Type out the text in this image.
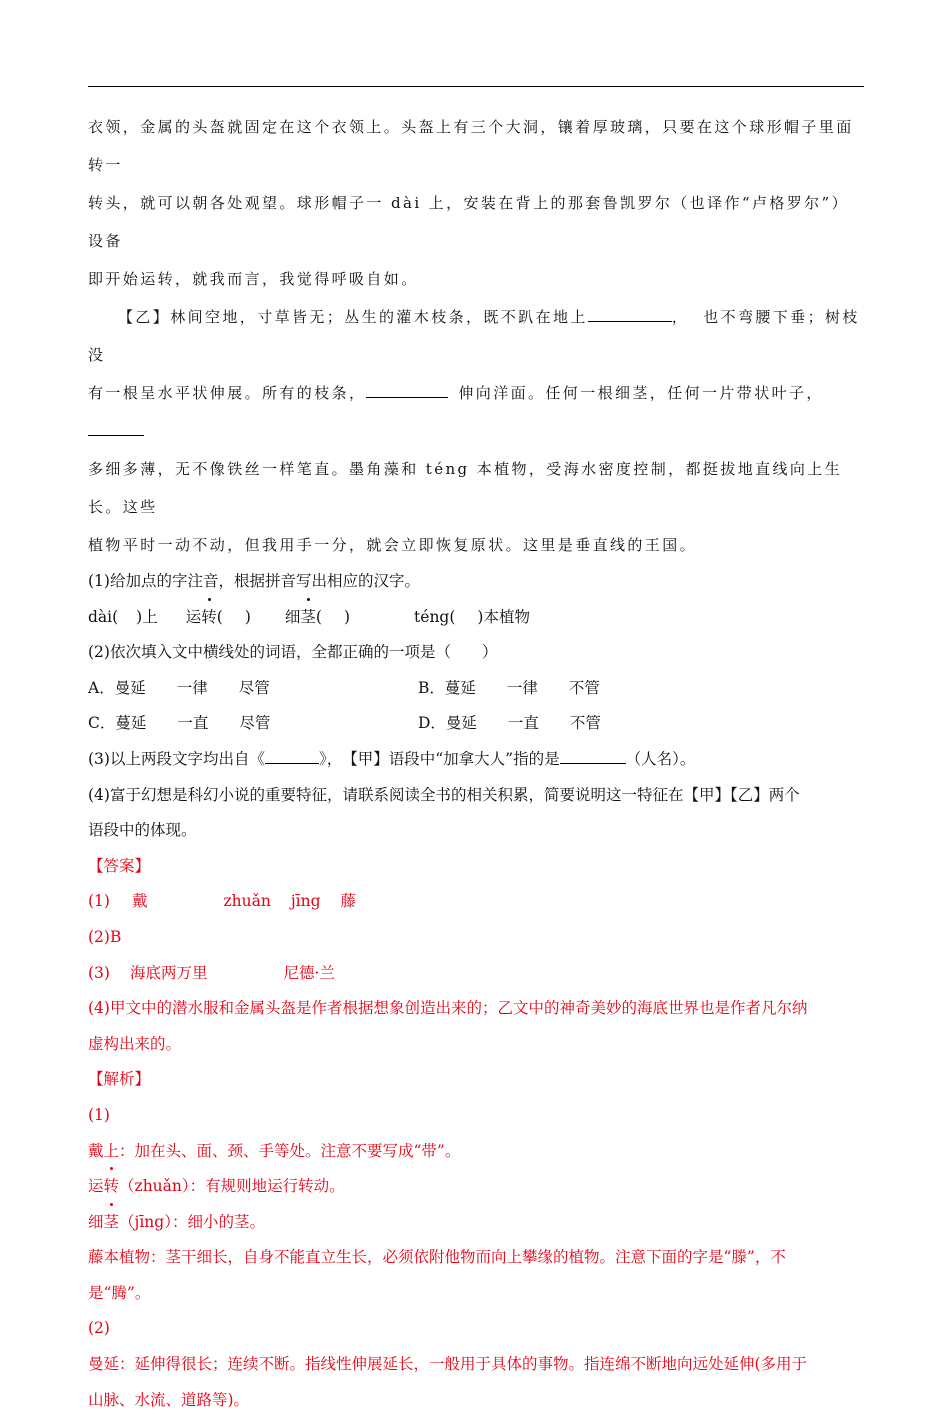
衣领，金属的头盔就固定在这个衣领上。头盔上有三个大洞，镶着厚玻璃，只要在这个球形帽子里面转一

转头，就可以朝各处观望。球形帽子一 dài 上，安装在背上的那套鲁凯罗尔（也译作“卢格罗尔”）设备

即开始运转，就我而言，我觉得呼吸自如。

【乙】林间空地，寸草皆无；丛生的灌木枝条，既不趴在地上	， 也不弯腰下垂；树枝没

有一根呈水平状伸展。所有的枝条，	伸向洋面。任何一根细茎，任何一片带状叶子，

多细多薄，无不像铁丝一样笔直。墨角藻和 téng 本植物，受海水密度控制，都挺拔地直线向上生长。这些

植物平时一动不动，但我用手一分，就会立即恢复原状。这里是垂直线的王国。

(1)给加点的字注音，根据拼音写出相应的汉字。

dài( )上 运转( ) 细茎( )	téng( )本植物

(2)依次填入文中横线处的词语，全都正确的一项是（　　）

A．曼延　　一律　　尽管	B．蔓延　　一律　　不管
C．蔓延　　一直　　尽管	D．曼延　　一直　　不管

(3)以上两段文字均出自《	》，　【甲】语段中“加拿大人”指的是	（人名）。

(4)富于幻想是科幻小说的重要特征，请联系阅读全书的相关积累，简要说明这一特征在【甲】【乙】两个

语段中的体现。

【答案】

(1) 戴	zhuǎn jīng 藤

(2)B

(3) 海底两万里	尼德·兰

(4)甲文中的潜水服和金属头盔是作者根据想象创造出来的；乙文中的神奇美妙的海底世界也是作者凡尔纳

虚构出来的。

【解析】

(1)

戴上：加在头、面、颈、手等处。注意不要写成“带”。

运转（zhuǎn）：有规则地运行转动。

细茎（jīng）：细小的茎。

藤本植物：茎干细长，自身不能直立生长，必须依附他物而向上攀缘的植物。注意下面的字是“滕”，不

是“腾”。

(2)

曼延：延伸得很长；连续不断。指线性伸展延长，一般用于具体的事物。指连绵不断地向远处延伸(多用于

山脉、水流、道路等)。
